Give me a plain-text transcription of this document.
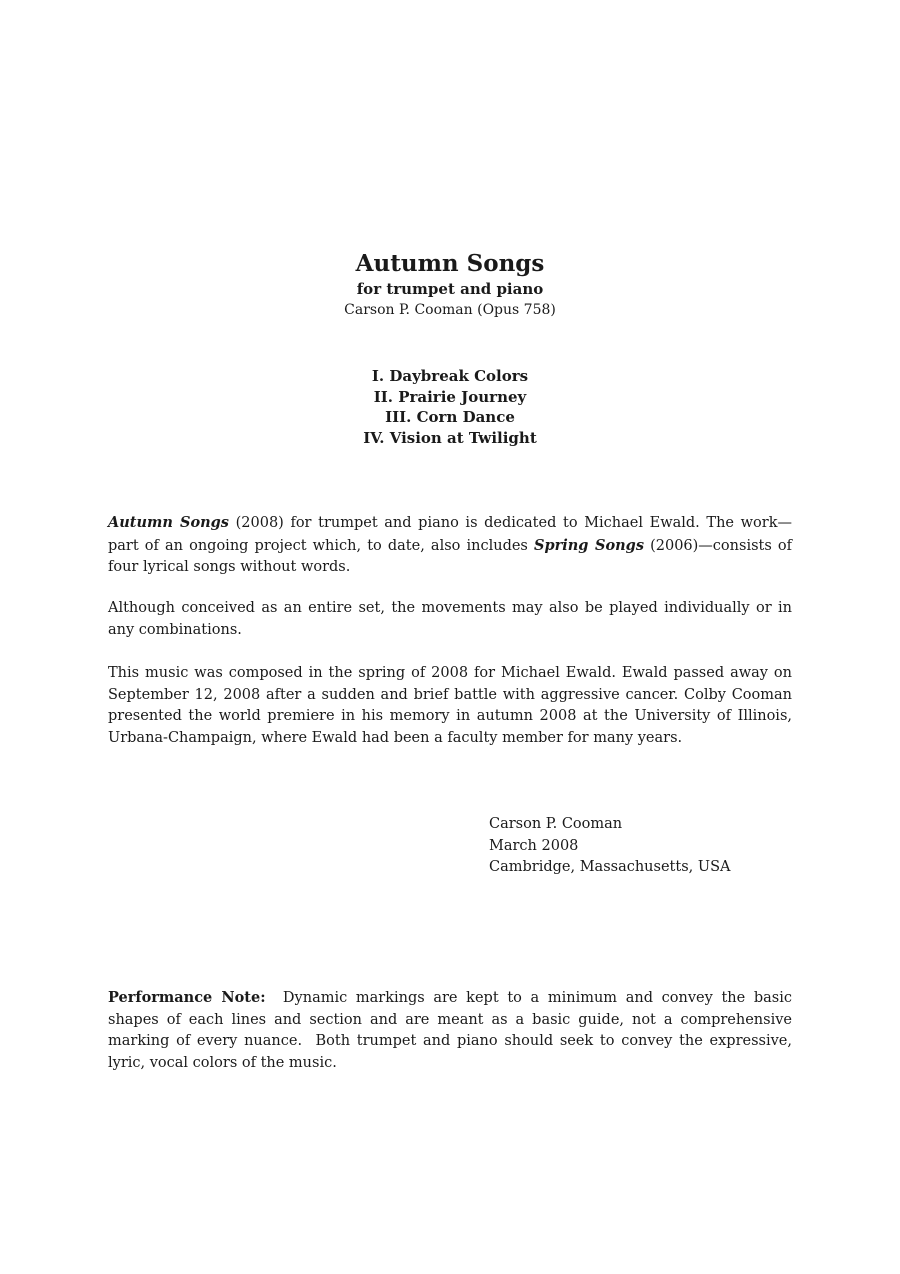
Autumn Songs
for trumpet and piano
Carson P. Cooman (Opus 758)
I. Daybreak Colors
II. Prairie Journey
III. Corn Dance
IV. Vision at Twilight

Autumn Songs (2008) for trumpet and piano is dedicated to Michael Ewald. The work—part of an ongoing project which, to date, also includes Spring Songs (2006)—consists of four lyrical songs without words.

Although conceived as an entire set, the movements may also be played individually or in any combinations.

This music was composed in the spring of 2008 for Michael Ewald. Ewald passed away on September 12, 2008 after a sudden and brief battle with aggressive cancer. Colby Cooman presented the world premiere in his memory in autumn 2008 at the University of Illinois, Urbana-Champaign, where Ewald had been a faculty member for many years.

Carson P. Cooman
March 2008
Cambridge, Massachusetts, USA

Performance Note:  Dynamic markings are kept to a minimum and convey the basic shapes of each lines and section and are meant as a basic guide, not a comprehensive marking of every nuance.  Both trumpet and piano should seek to convey the expressive, lyric, vocal colors of the music.
